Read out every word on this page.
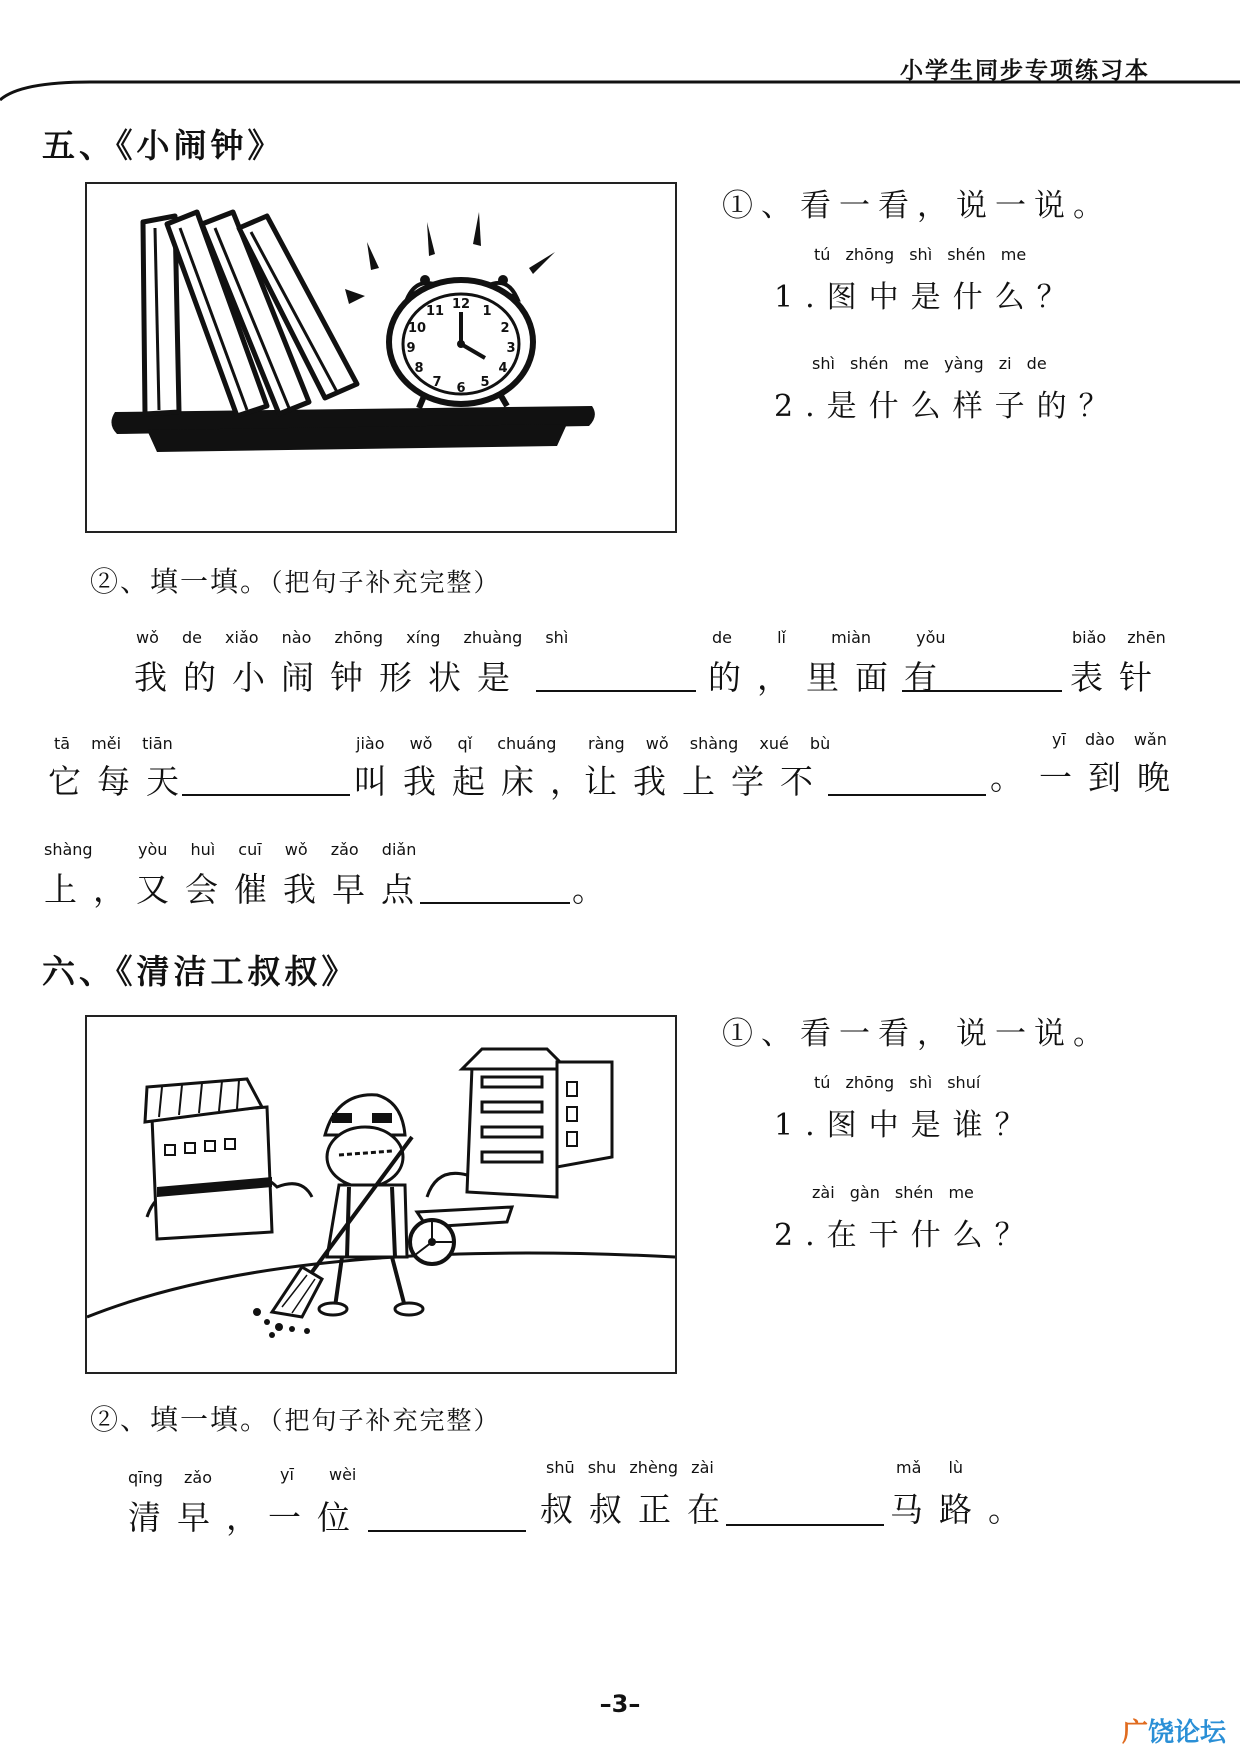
小学生同步专项练习本
五、《小闹钟》
12 1
2
3
4
5
6
7
8
9
10
11
①、看一看，说一说。
tú zhōng shì shén me
1.图中是什么？
shì shén me yàng zi de
2.是什么样子的？
②、填一填。（把句子补充完整）
wǒ de xiǎo nào zhōng xíng zhuàng shì
我的小闹钟形状是
de lǐ miàn yǒu
的，里面有
biǎo zhēn
表针
tā měi tiān
它每天
jiào wǒ qǐ chuáng
叫我起床，
ràng wǒ shàng xué bù
让我上学不
yī dào wǎn
。一到晚
shàng
上，
yòu huì cuī wǒ zǎo diǎn
又会催我早点	。
六、《清洁工叔叔》
①、看一看，说一说。
tú zhōng shì shuí
1.图中是谁？
zài gàn shén me
2.在干什么？
②、填一填。（把句子补充完整）
qīng zǎo
清早，
yī wèi
一位
shū shu zhèng zài
叔叔正在
mǎ lù
马路。
–3–
广饶论坛
